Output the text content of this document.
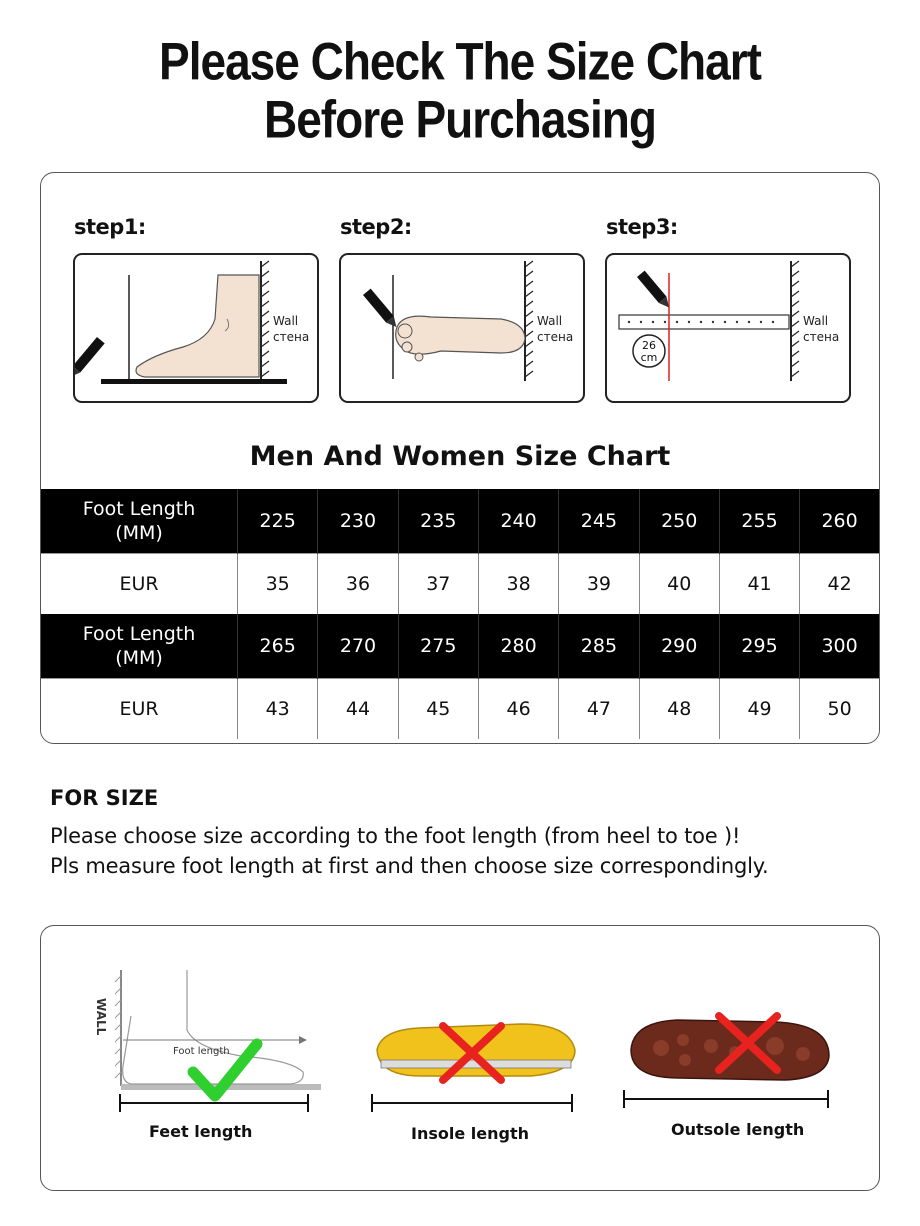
Please Check The Size Chart
Before Purchasing
step1:	step2:	step3:
Wall
стена
Wall
стена
26
cm
Wall
стена
Men And Women Size Chart
Foot Length
(MM)	225	230	235	240	245	250	255	260
EUR	35	36	37	38	39	40	41	42

Foot Length
(MM)	265	270	275	280	285	290	295	300
EUR	43	44	45	46	47	48	49	50
FOR SIZE
Please choose size according to the foot length (from heel to toe )!
Pls measure foot length at first and then choose size correspondingly.
WALL
Foot length
Feet length	Insole length	Outsole length
